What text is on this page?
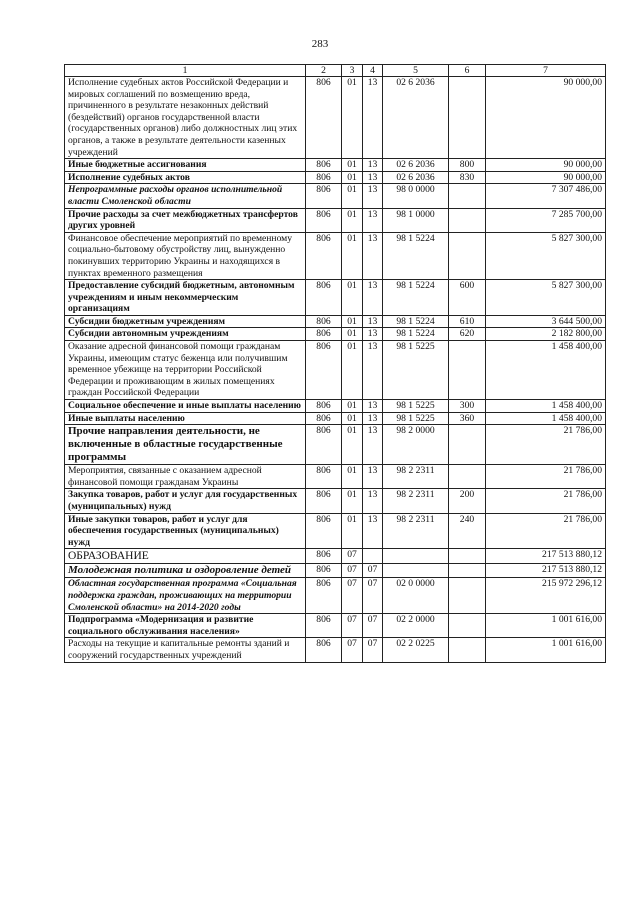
283
1	2	3	4	5	6	7
Исполнение судебных актов Российской Федерации и мировых соглашений по возмещению вреда, причиненного в результате незаконных действий (бездействий) органов государственной власти (государственных органов) либо должностных лиц этих органов, а также в результате деятельности казенных учреждений	806	01	13	02 6 2036		90 000,00
Иные бюджетные ассигнования	806	01	13	02 6 2036	800	90 000,00
Исполнение судебных актов	806	01	13	02 6 2036	830	90 000,00
Непрограммные расходы органов исполнительной власти Смоленской области	806	01	13	98 0 0000		7 307 486,00
Прочие расходы за счет межбюджетных трансфертов других уровней	806	01	13	98 1 0000		7 285 700,00
Финансовое обеспечение мероприятий по временному социально-бытовому обустройству лиц, вынужденно покинувших территорию Украины и находящихся в пунктах временного размещения	806	01	13	98 1 5224		5 827 300,00
Предоставление субсидий бюджетным, автономным учреждениям и иным некоммерческим организациям	806	01	13	98 1 5224	600	5 827 300,00
Субсидии бюджетным учреждениям	806	01	13	98 1 5224	610	3 644 500,00
Субсидии автономным учреждениям	806	01	13	98 1 5224	620	2 182 800,00
Оказание адресной финансовой помощи гражданам Украины, имеющим статус беженца или получившим временное убежище на территории Российской Федерации и проживающим в жилых помещениях граждан Российской Федерации	806	01	13	98 1 5225		1 458 400,00
Социальное обеспечение и иные выплаты населению	806	01	13	98 1 5225	300	1 458 400,00
Иные выплаты населению	806	01	13	98 1 5225	360	1 458 400,00
Прочие направления деятельности, не включенные в областные государственные программы	806	01	13	98 2 0000		21 786,00
Мероприятия, связанные с оказанием адресной финансовой помощи гражданам Украины	806	01	13	98 2 2311		21 786,00
Закупка товаров, работ и услуг для государственных (муниципальных) нужд	806	01	13	98 2 2311	200	21 786,00
Иные закупки товаров, работ и услуг для обеспечения государственных (муниципальных) нужд	806	01	13	98 2 2311	240	21 786,00
ОБРАЗОВАНИЕ	806	07				217 513 880,12
Молодежная политика и оздоровление детей	806	07	07			217 513 880,12
Областная государственная программа «Социальная поддержка граждан, проживающих на территории Смоленской области» на 2014-2020 годы	806	07	07	02 0 0000		215 972 296,12
Подпрограмма «Модернизация и развитие социального обслуживания населения»	806	07	07	02 2 0000		1 001 616,00
Расходы на текущие и капитальные ремонты зданий и сооружений государственных учреждений	806	07	07	02 2 0225		1 001 616,00
